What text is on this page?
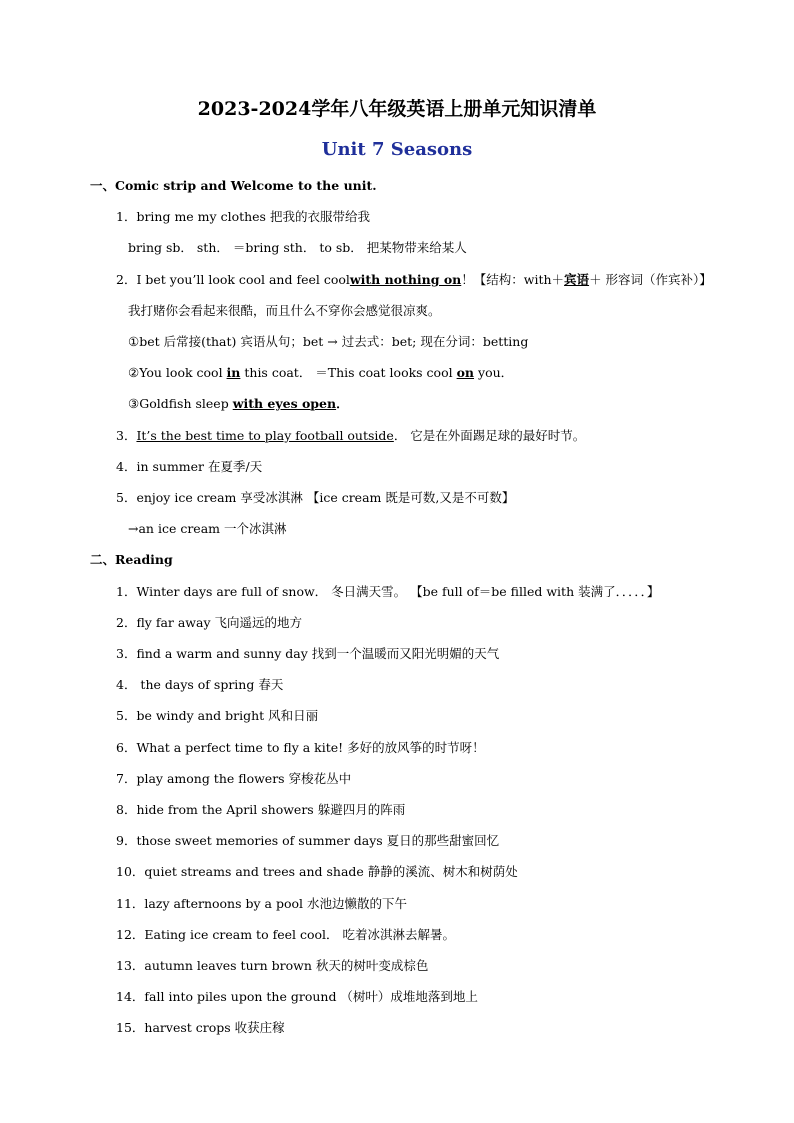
2023-2024学年八年级英语上册单元知识清单
Unit 7 Seasons
一、Comic strip and Welcome to the unit.
1．bring me my clothes 把我的衣服带给我
bring sb． sth． ＝bring sth． to sb． 把某物带来给某人
2．I bet you’ll look cool and feel coolwith nothing on！【结构：with＋宾语＋ 形容词（作宾补）】
我打赌你会看起来很酷，而且什么不穿你会感觉很凉爽。
①bet 后常接(that) 宾语从句；bet → 过去式：bet; 现在分词：betting
②You look cool in this coat． ＝This coat looks cool on you．
③Goldfish sleep with eyes open．
3．It’s the best time to play football outside． 它是在外面踢足球的最好时节。
4．in summer 在夏季/天
5．enjoy ice cream 享受冰淇淋 【ice cream 既是可数,又是不可数】
→an ice cream 一个冰淇淋
二、Reading
1．Winter days are full of snow． 冬日满天雪。 【be full of＝be filled with 装满了．．．．．】
2．fly far away 飞向遥远的地方
3．find a warm and sunny day 找到一个温暖而又阳光明媚的天气
4． the days of spring 春天
5．be windy and bright 风和日丽
6．What a perfect time to fly a kite! 多好的放风筝的时节呀！
7．play among the flowers 穿梭花丛中
8．hide from the April showers 躲避四月的阵雨
9．those sweet memories of summer days 夏日的那些甜蜜回忆
10．quiet streams and trees and shade 静静的溪流、树木和树荫处
11．lazy afternoons by a pool 水池边懒散的下午
12．Eating ice cream to feel cool． 吃着冰淇淋去解暑。
13．autumn leaves turn brown 秋天的树叶变成棕色
14．fall into piles upon the ground （树叶）成堆地落到地上
15．harvest crops 收获庄稼
